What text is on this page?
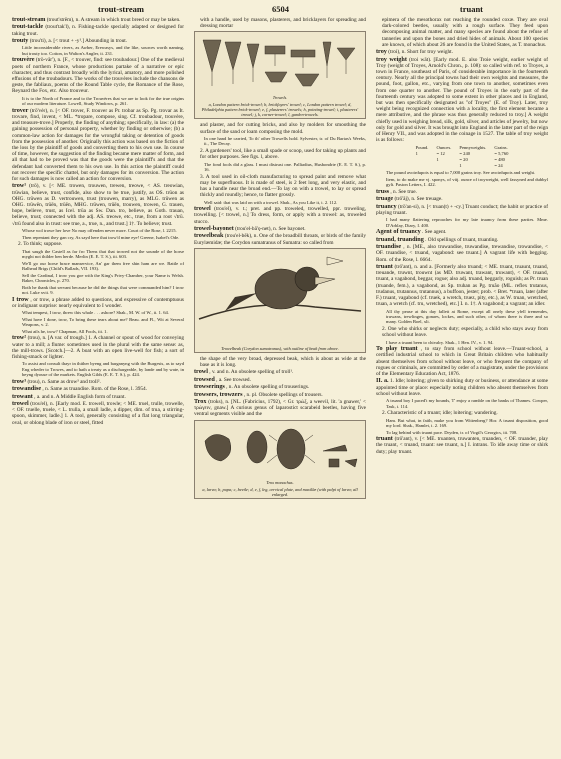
trout-stream	6504	truant

trout-stream (trout'strēm), n. A stream in which trout breed or may be taken.

trout-tackle (trout'tak'l), n. Fishing-tackle specially adapted or designed for taking trout.

trouty (trou'ti), a. [< trout + -y¹.] Abounding in trout.

Little inconsiderable rivers, as Awber, Erewasys, and the like, sources worth naming, but trouty too. Cotton, in Walton's Angler, ii. 231.

trouvère (trö-vār'), n. [F., < trouver, find: see troubadour.] One of the medieval poets of northern France, whose productions partake of a narrative or epic character, and thus contrast broadly with the lyrical, amatory, and more polished effusions of the troubadours. The works of the trouvères include the chansons de geste, the fabliaux, poems of the Round Table cycle, the Romance of the Rose, Reynard the Fox, etc. Also trouveur.

It is to the North of France and to the Trouvères that we are to look for the true origins of our modern literature. Lowell, Study Windows, p. 261.

trover (trō'vėr), n. [< OF. trover, F. trouver as Pr. trobar as Sp. Pg. trovar as It. trovare, find, invent, < ML. *tropare, compose, sing. Cf. troubadour, trouvère, and treasure-trove.] Properly, the finding of anything; specifically, in law: (a) the gaining possession of personal property, whether by finding or otherwise; (b) a common-law action for damages for the wrongful taking or detention of goods from the possession of another. Originally this action was based on the fiction of the loss by the plaintiff of goods and converting them to his own use. In course of time, however, the suggestion of the finding became mere matter of form, and all that had to be proved was that the goods were the plaintiff's and that the defendant had converted them to his own use. In this action the plaintiff could not recover the specific chattel, but only damages for its conversion. The action for such damages is now called an action for conversion.

trow¹ (trō), v. [< ME. trowen, trouwen, trewen, treowe, < AS. treowian, trūwian, believe, trust, confide, also show to be true, justify, as OS. trūon as OHG. trūwen as D. vertrouwen, trust (trouwen, marry), as MLG. trūwen as OHG. trūwēn, trūēn, trūēn, MHG. trūwen, trūēn, trouwen, trowen, G. trauen, hope, believe, trust, as Icel. trūa as Sw. Dan. tro, believe, as Goth. trauan, believe, trust; connected with the adj. AS. treowe, etc., true, from a root √trū. √trū found also in trust: see true, a., true, n., and trust.] 1†. To believe; trust.

Whose wol trowe her love No may offenden never more. Court of the Rose, l. 2215.

Then repentant they gan cry, As sayd here that trow'd mine eye! Greene, Isabel's Ode.

2. To think; suppose.

That saugh the Castell as far fro Thens that that trowed not the sounde of the horse myght not thilder ben herde. Merlin (E. E. T. S.), iii. 603.

We'll go our horse brace manservice, An' gar them free shin ham are we. Battle of Balhead Brigs (Child's Ballads, VII. 193).

Sell the Cardinal, I trow you goe with the King's Privy-Chamber, your Name is Welsh. Baker, Chronicles, p. 270.

Both he thank that servant because he did the things that were commanded him? I trow not. Luke xvii. 9.

I trow , or trow, a phrase added to questions, and expressive of contemptuous or indignant surprise: nearly equivalent to I wonder.

What tempest, I trow, threw this whale . . . ashore? Shak., M. W. of W., ii. 1. 64.

What have I done, trow, To bring these tears about me? Beau. and Fl., Wit at Several Weapons, v. 2.

What ails he, trow? Chapman, All Fools, iii. 1.

trow² (trou), n. [A var. of trough.] 1. A channel or spout of wood for conveying water to a mill; a flume: sometimes used in the plural with the same sense: as, the mill-trows. [Scotch.]—2. A boat with an open live-well for fish; a sort of fishing-smack or lighter.

To assist and consult thayr in thither byeng and barganyng with the Burgesis, as to sayd Eng wheder to Trowes, and to hath a treaty as a dischargeable, by lande and by wate, in beyng dyouse of the markets. English Gilds (E. E. T. S.), p. 424.

trow³ (trou), n. Same as drow³ and troll².

trowandise , n. Same as truandise. Rom. of the Rose, l. 3954.

trowant , a. and n. A Middle English form of truant.

trowel (trou'el), n. [Early mod. E. trowell, trowle; < ME. truel, trulle, trowelle, < OF. truelle, truele, < L. trulla, a small ladle, a dipper, dim. of trua, a stirring-spoon, skimmer, ladle.] 1. A tool, generally consisting of a flat long triangular, oval, or oblong blade of iron or steel, fitted

with a handle, used by masons, plasterers, and bricklayers for spreading and dressing mortar

Trowels.
a, London pattern brick-trowel; b, brickfayers' trowel; c, London pattern trowel; d, Philadelphia pattern brick-trowel; e, f, plasterers' trowels; h, pointing-trowel; i, plasterers' trowel; j, k, corner-trowel; l, garden-trowels.

and plaster, and for cutting bricks, and also by molders for smoothing the surface of the sand or loam composing the mold.

In one hand he carried, To th' other Trowells hold. Sylvester, tr. of Du Bartas's Weeks, ii., The Decay.

2. A gardeners' tool, like a small spade or scoop, used for taking up plants and for other purposes. See figs. l, above.

The fond fools did a glass. I must distrust one. Palliadius, Husbondrie (E. E. T. S.), p. 16.

3. A tool used in oil-cloth manufacturing to spread paint and remove what may be superfluous. It is made of steel, is 2 feet long, and very elastic, and has a handle near the broad end.—To lay on with a trowel, to lay or spread thickly and roundly; hence, to flatter grossly.

Well said: that was laid on with a trowel. Shak., As you Like it, i. 2. 112.

trowel (trou'el), v. t.; pret. and pp. troweled, trowelled, ppr. troweling, trowelling. [< trowel, n.] To dress, form, or apply with a trowel: as, troweled stucco.

trowel-bayonet (trou'el-bā'ǫ-net), n. See bayonet.

trowelbeak (trou'el-bēk), n. One of the broadbill throats, or birds of the family Eurylæmidæ; the Corydon sumatranus of Sumatra: so called from

Trowelbeak (Corydon sumatranus), with outline of beak from above.

the shape of the very broad, depressed beak, which is about as wide at the base as it is long.

trowl , v. and n. An obsolete spelling of troll¹.

trowsed , a. See trowsed.

trowserings , n. An obsolete spelling of trouserings.

trowsers, trowzers , n. pl. Obsolete spellings of trousers.

Trox (troks), n. [NL. (Fabricius, 1792), < Gr. τρώξ, a weevil, lit. 'a gnawer,' < τρώγειν, gnaw.] A curious genus of laparostict scarabeid beetles, having five ventral segments visible and the

Trox monachus.
a, larva; b, pupa; c, beetle; d, e, f, leg, cervical plate, and maxillæ (with palpi of larva; all enlarged.

epimera of the mesothorax not reaching the rounded coxæ. They are oval dark-colored beetles, usually with a rough surface. They feed upon decomposing animal matter, and many species are found about the refuse of tanneries and upon the bones and dried hides of animals. About 100 species are known, of which about 26 are found in the United States, as T. monachus.

troy (troi), n. Short for troy weight.

troy weight (troi wāt). [Early mod. E. also Troie weight, earlier weight of Troy (weight of Troyes, Arnold's Chron., p. 108): so called with ref. to Troyes, a town in France, southeast of Paris, of considerable importance in the fourteenth century. Nearly all the principal towns had their own weights and measures, the pound, foot, gallon, etc., varying from one town to another, sometimes even from one quarter to another. The pound of Troyes in the early part of the fourteenth century was adopted to some extent in other places and in England, but was then specifically designated as "of Troyes" (E. of Troy). Later, troy weight being recognized connection with a locality, the first element became a mere attributive, and the phrase was thus generally reduced to troy.] A weight chiefly used in weighing bread, silk, gold, silver, and articles of jewelry, but now only for gold and silver. It was brought into England in the latter part of the reign of Henry VII., and was adopted in the coinage in 1527. The table of troy weight is as follows:

Pound.	Ounces.	Pennyweights.	Grains.
1	= 12	= 240	= 5,760
	1	= 20	= 480
		1	= 24

The pound avoirdupois is equal to 7,000 grains troy. See avoirdupois and weight.

Item, to do make me vj. sponys, of viij. ounce of troyweight, well fassyned and dubbyl gylt. Paston Letters, I. 422.

truss , n. See true.

truage (trö'āj), n. See treuage.

truancy (trö'an-si), n. [< truan(t) + -cy.] Truant conduct; the habit or practice of playing truant.

I had many flattering reproaches for my late truancy from these parties. Mme. D'Arblay, Diary, I. 400.

Agent of truancy . See agent.

truand, truanding . Old spellings of truant, truanting.

truandise , n. [ME., also truwandise, truwandise, trewandise, trowandise, < OF. truandise, < truand, vagabond: see truant.] A vagrant life with begging. Rom. of the Rose, l. 6664.

truant (trö'ant), n. and a. [Formerly also truand; < ME. truant, truaunt, truand, treuande, truwnt, trouwnt (as MD. truwant, trawant, truwant), < OF. truand, truant, a vagabond, beggar, rogue; also adj. truand, beggarly, roguish; as Pr. truan (truande, fem.), a vagabond, as Sp. truhan as Pg. truão (ML. reflex trutanus, trudanus, trutannus, trutannus), a buffoon, jester; prob. < Bret. *truan, later (after F.) truant, vagabond (cf. truek, a wretch, truez, pity, etc.), as W. truan, wretched, truan, a wretch (cf. tru, wretched), etc.] I. n. 1†. A vagabond; a vagrant; an idler.

All thy pease at this day fallett at Rome, except all onely these yfell tremendes, truwans, trewlinges, gonaes, lockes, and such other, of whom there is three and so many. Golden Boel, xli.

2. One who shirks or neglects duty; especially, a child who stays away from school without leave.

I have a truant been to chivalry. Shak., 1 Hen. IV., v. 1. 94.

To play truant , to stay from school without leave.—Truant-school, a certified industrial school to which in Great Britain children who habitually absent themselves from school without leave, or who frequent the company of rogues or criminals, are committed by order of a magistrate, under the provisions of the Elementary Education Act, 1876.

II. a. 1. Idle; loitering; given to shirking duty or business, or attendance at some appointed time or place: especially noting children who absent themselves from school without leave.

A truand boy I paced't my bounds, T' enjoy a ramble on the banks of Thames. Cowper, Task, i. 114.

2. Characteristic of a truant; idle; loitering; wandering.

Ham. But what, in faith, make you from Wittenberg? Hor. A truant disposition, good my lord. Shak., Hamlet, i. 2. 169.

To lag behind with truant pace. Dryden, tr. of Virgil's Georgics, iii. 708.

truant (trö'ant), v. [< ME. truanten, truwanten, truanden, < OF. truander, play the truant, < truand, truant: see truant, n.] I. intrans. To idle away time or shirk duty; play truant.
